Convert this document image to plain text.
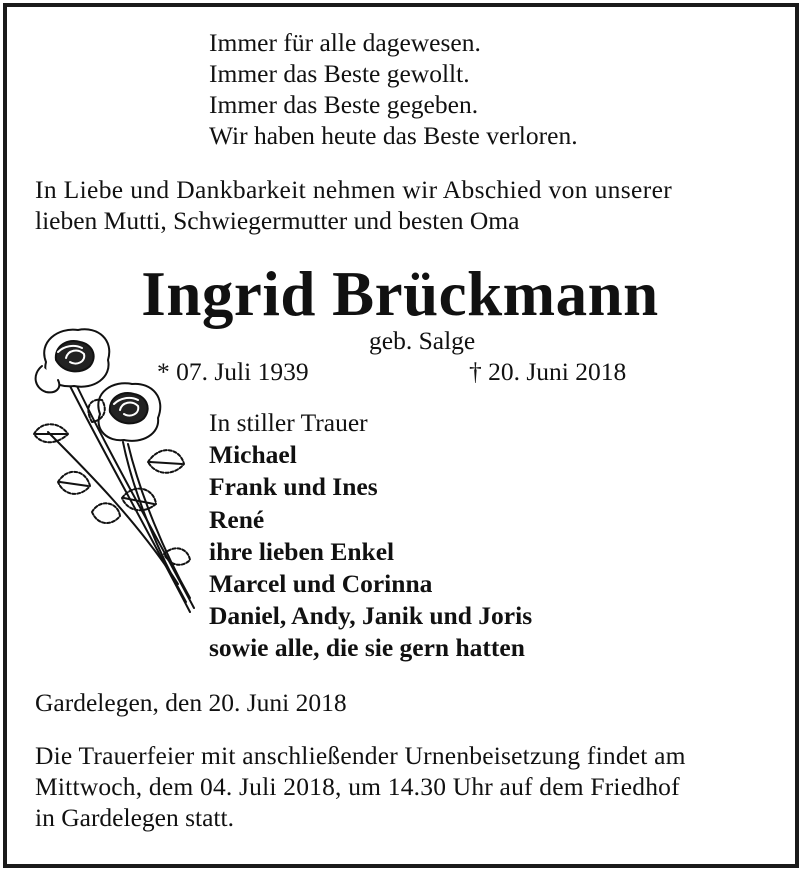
Immer für alle dagewesen.
Immer das Beste gewollt.
Immer das Beste gegeben.
Wir haben heute das Beste verloren.
In Liebe und Dankbarkeit nehmen wir Abschied von unserer
lieben Mutti, Schwiegermutter und besten Oma
Ingrid Brückmann
geb. Salge
* 07. Juli 1939	† 20. Juni 2018
In stiller Trauer
Michael
Frank und Ines
René
ihre lieben Enkel
Marcel und Corinna
Daniel, Andy, Janik und Joris
sowie alle, die sie gern hatten
Gardelegen, den 20. Juni 2018
Die Trauerfeier mit anschließender Urnenbeisetzung findet am
Mittwoch, dem 04. Juli 2018, um 14.30 Uhr auf dem Friedhof
in Gardelegen statt.
